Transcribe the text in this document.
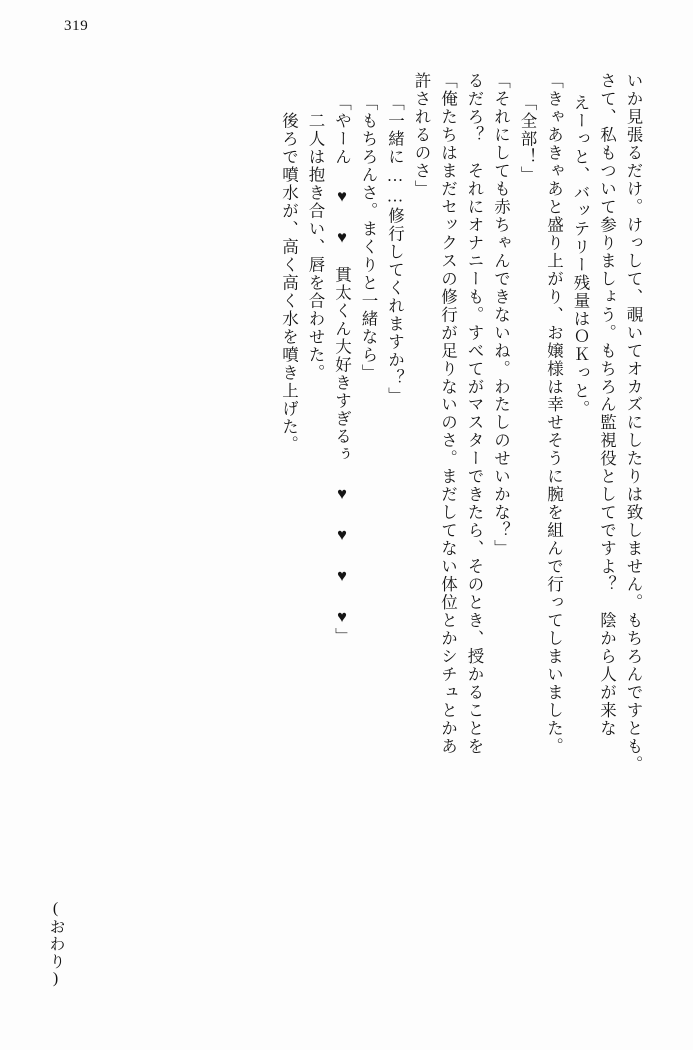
319
後ろで噴水が、高く高く水を噴き上げた。 二人は抱き合い、唇を合わせた。 「やーん ♥ ♥　貫太くん大好きすぎるぅ ♥ ♥ ♥ ♥」 「もちろんさ。まくりと一緒なら」 「一緒に……修行してくれますか？」 許されるのさ」 「俺たちはまだセックスの修行が足りないのさ。まだしてない体位とかシチュとかあ るだろ？　それにオナニーも。すべてがマスターできたら、そのとき、授かることを 「それにしても赤ちゃんできないね。わたしのせいかな？」 「全部！」 「きゃあきゃあと盛り上がり、お嬢様は幸せそうに腕を組んで行ってしまいました。 えーっと、バッテリー残量はＯＫっと。 さて、私もついて参りましょう。もちろん監視役としてですよ？　陰から人が来な いか見張るだけ。けっして、覗いてオカズにしたりは致しません。もちろんですとも。
(おわり)
